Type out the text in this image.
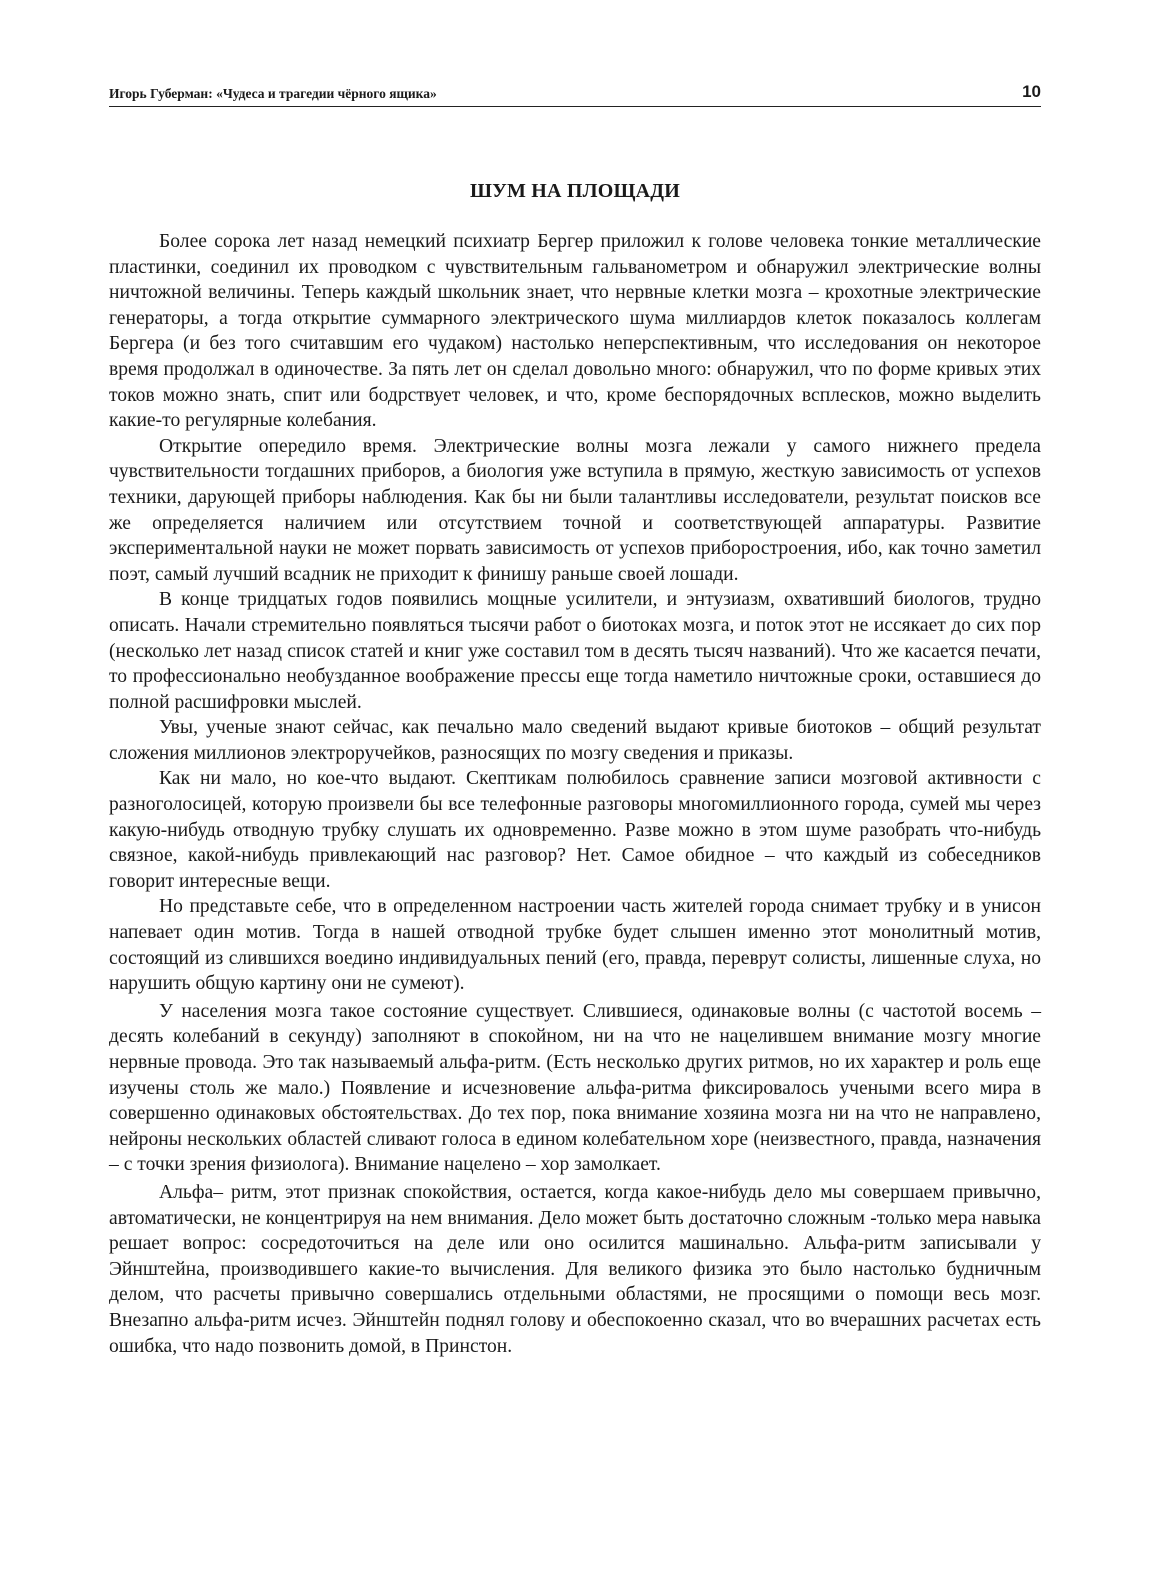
Игорь Губерман: «Чудеса и трагедии чёрного ящика»	10
ШУМ НА ПЛОЩАДИ

Более сорока лет назад немецкий психиатр Бергер приложил к голове человека тонкие металлические пластинки, соединил их проводком с чувствительным гальванометром и обнаружил электрические волны ничтожной величины. Теперь каждый школьник знает, что нервные клетки мозга – крохотные электрические генераторы, а тогда открытие суммарного электрического шума миллиардов клеток показалось коллегам Бергера (и без того считавшим его чудаком) настолько неперспективным, что исследования он некоторое время продолжал в одиночестве. За пять лет он сделал довольно много: обнаружил, что по форме кривых этих токов можно знать, спит или бодрствует человек, и что, кроме беспорядочных всплесков, можно выделить какие-то регулярные колебания.

Открытие опередило время. Электрические волны мозга лежали у самого нижнего предела чувствительности тогдашних приборов, а биология уже вступила в прямую, жесткую зависимость от успехов техники, дарующей приборы наблюдения. Как бы ни были талантливы исследователи, результат поисков все же определяется наличием или отсутствием точной и соответствующей аппаратуры. Развитие экспериментальной науки не может порвать зависимость от успехов приборостроения, ибо, как точно заметил поэт, самый лучший всадник не приходит к финишу раньше своей лошади.

В конце тридцатых годов появились мощные усилители, и энтузиазм, охвативший биологов, трудно описать. Начали стремительно появляться тысячи работ о биотоках мозга, и поток этот не иссякает до сих пор (несколько лет назад список статей и книг уже составил том в десять тысяч названий). Что же касается печати, то профессионально необузданное воображение прессы еще тогда наметило ничтожные сроки, оставшиеся до полной расшифровки мыслей.

Увы, ученые знают сейчас, как печально мало сведений выдают кривые биотоков – общий результат сложения миллионов электроручейков, разносящих по мозгу сведения и приказы.

Как ни мало, но кое-что выдают. Скептикам полюбилось сравнение записи мозговой активности с разноголосицей, которую произвели бы все телефонные разговоры многомиллионного города, сумей мы через какую-нибудь отводную трубку слушать их одновременно. Разве можно в этом шуме разобрать что-нибудь связное, какой-нибудь привлекающий нас разговор? Нет. Самое обидное – что каждый из собеседников говорит интересные вещи.

Но представьте себе, что в определенном настроении часть жителей города снимает трубку и в унисон напевает один мотив. Тогда в нашей отводной трубке будет слышен именно этот монолитный мотив, состоящий из слившихся воедино индивидуальных пений (его, правда, переврут солисты, лишенные слуха, но нарушить общую картину они не сумеют).

У населения мозга такое состояние существует. Слившиеся, одинаковые волны (с частотой восемь – десять колебаний в секунду) заполняют в спокойном, ни на что не нацелившем внимание мозгу многие нервные провода. Это так называемый альфа-ритм. (Есть несколько других ритмов, но их характер и роль еще изучены столь же мало.) Появление и исчезновение альфа-ритма фиксировалось учеными всего мира в совершенно одинаковых обстоятельствах. До тех пор, пока внимание хозяина мозга ни на что не направлено, нейроны нескольких областей сливают голоса в едином колебательном хоре (неизвестного, правда, назначения – с точки зрения физиолога). Внимание нацелено – хор замолкает.

Альфа– ритм, этот признак спокойствия, остается, когда какое-нибудь дело мы совершаем привычно, автоматически, не концентрируя на нем внимания. Дело может быть достаточно сложным -только мера навыка решает вопрос: сосредоточиться на деле или оно осилится машинально. Альфа-ритм записывали у Эйнштейна, производившего какие-то вычисления. Для великого физика это было настолько будничным делом, что расчеты привычно совершались отдельными областями, не просящими о помощи весь мозг. Внезапно альфа-ритм исчез. Эйнштейн поднял голову и обеспокоенно сказал, что во вчерашних расчетах есть ошибка, что надо позвонить домой, в Принстон.
